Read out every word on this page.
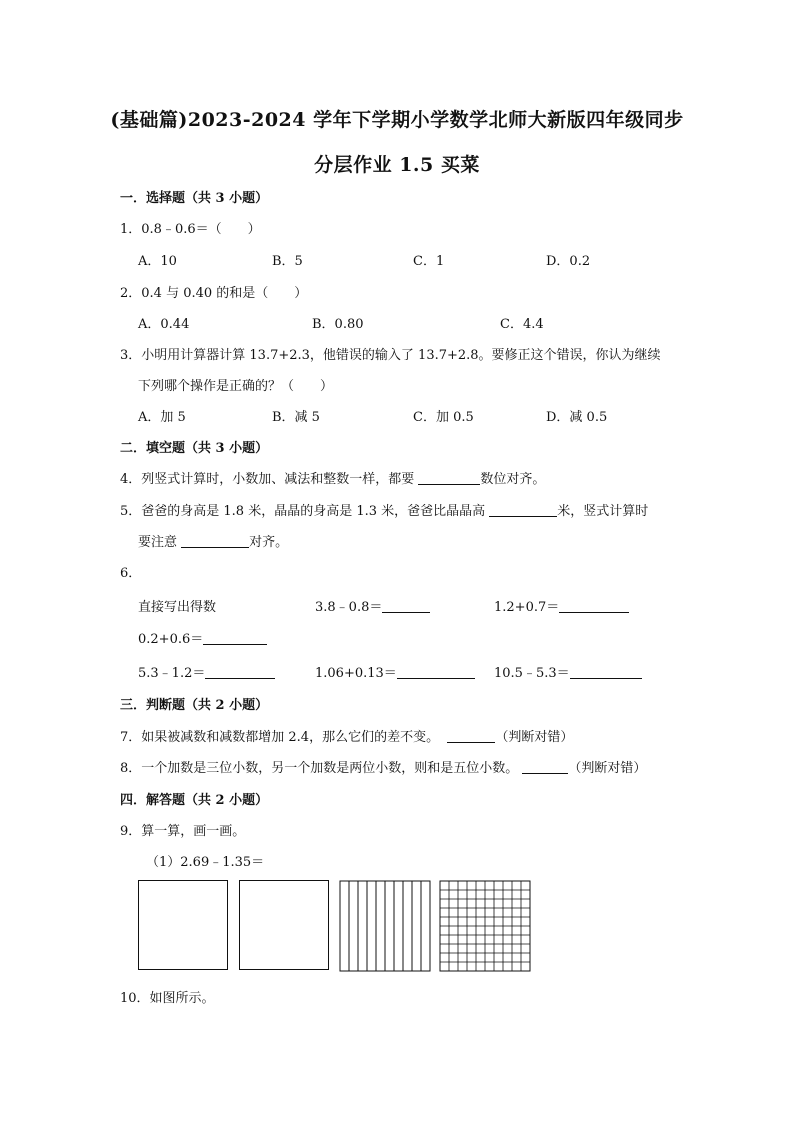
(基础篇)2023-2024 学年下学期小学数学北师大新版四年级同步
分层作业 1.5 买菜
一．选择题（共 3 小题）
1．0.8﹣0.6＝（　　）
A．10	B．5	C．1	D．0.2
2．0.4 与 0.40 的和是（　　）
A．0.44	B．0.80	C．4.4
3．小明用计算器计算 13.7+2.3，他错误的输入了 13.7+2.8。要修正这个错误，你认为继续
下列哪个操作是正确的？（　　）
A．加 5	B．减 5	C．加 0.5	D．减 0.5
二．填空题（共 3 小题）
4．列竖式计算时，小数加、减法和整数一样，都要	数位对齐。
5．爸爸的身高是 1.8 米，晶晶的身高是 1.3 米，爸爸比晶晶高	米，竖式计算时
要注意	对齐。
6．
直接写出得数	3.8﹣0.8＝	1.2+0.7＝
0.2+0.6＝
5.3﹣1.2＝	1.06+0.13＝	10.5﹣5.3＝
三．判断题（共 2 小题）
7．如果被减数和减数都增加 2.4，那么它们的差不变。	（判断对错）
8．一个加数是三位小数，另一个加数是两位小数，则和是五位小数。	（判断对错）
四．解答题（共 2 小题）
9．算一算，画一画。
（1）2.69﹣1.35＝
10．如图所示。
